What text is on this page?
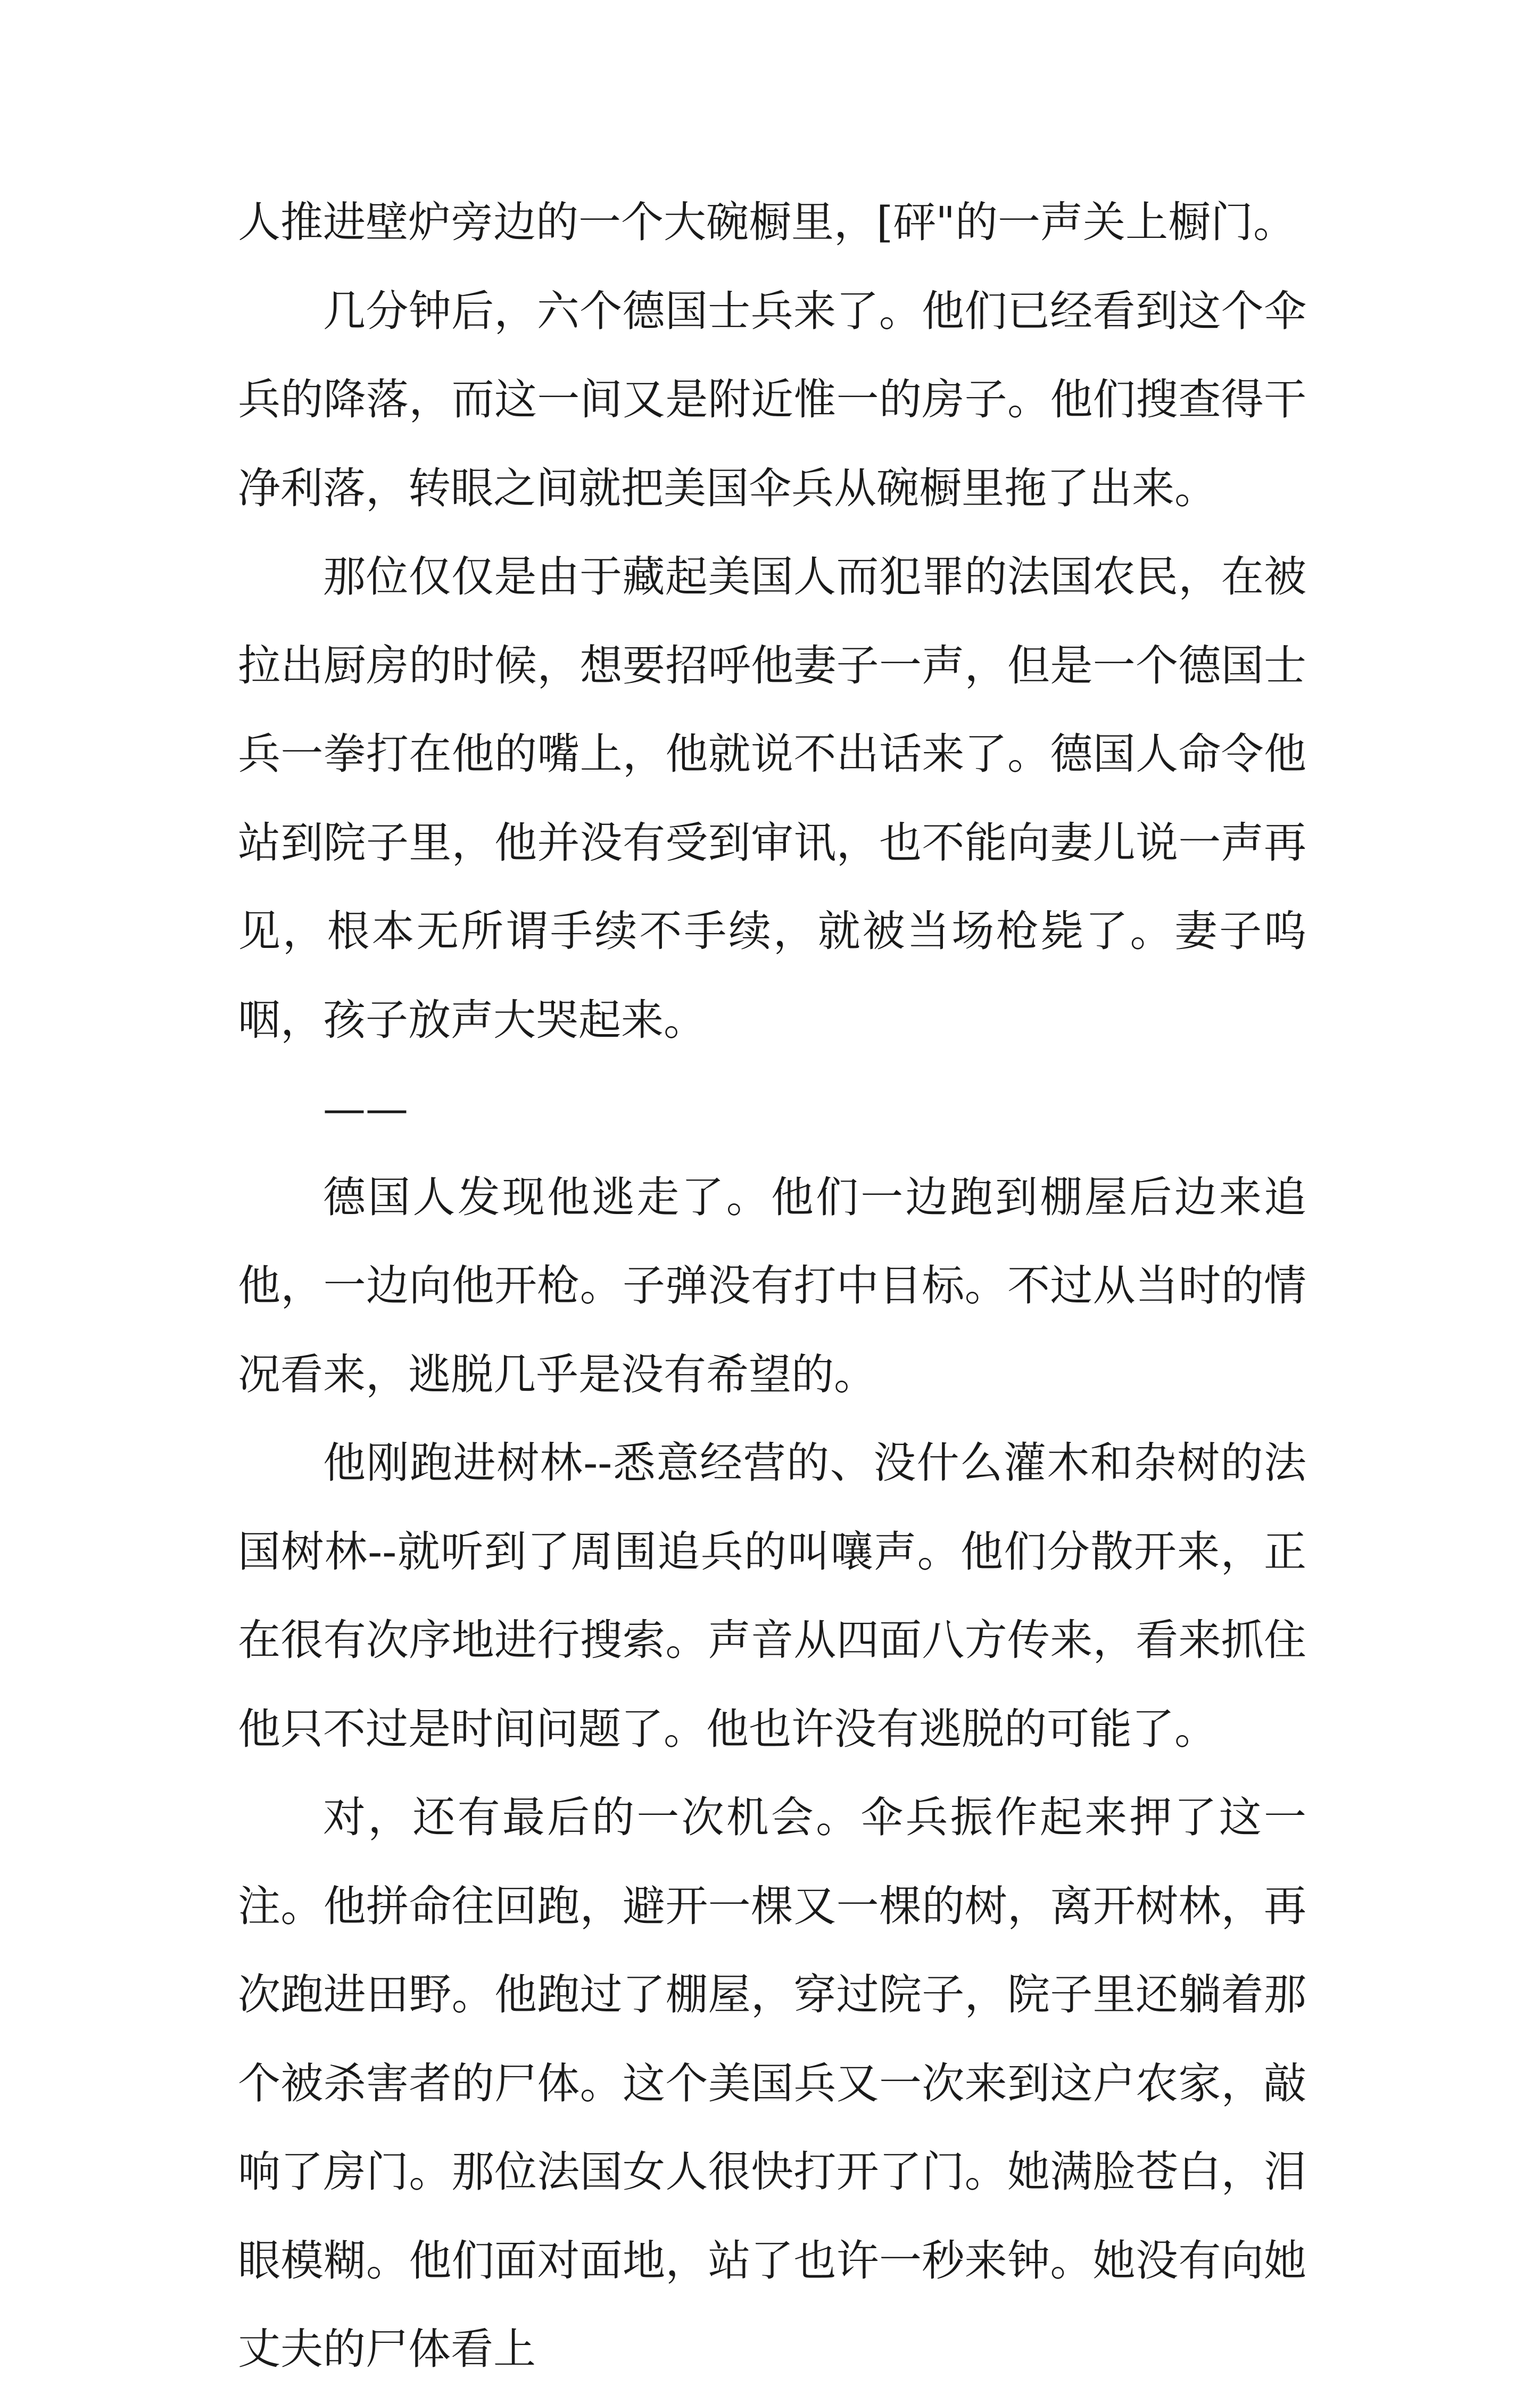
人推进壁炉旁边的一个大碗橱里，[砰"的一声关上橱门。

几分钟后，六个德国士兵来了。他们已经看到这个伞兵的降落，而这一间又是附近惟一的房子。他们搜查得干净利落，转眼之间就把美国伞兵从碗橱里拖了出来。

那位仅仅是由于藏起美国人而犯罪的法国农民，在被拉出厨房的时候，想要招呼他妻子一声，但是一个德国士兵一拳打在他的嘴上，他就说不出话来了。德国人命令他站到院子里，他并没有受到审讯，也不能向妻儿说一声再见，根本无所谓手续不手续，就被当场枪毙了。妻子呜咽，孩子放声大哭起来。

——

德国人发现他逃走了。他们一边跑到棚屋后边来追他，一边向他开枪。子弹没有打中目标。不过从当时的情况看来，逃脱几乎是没有希望的。

他刚跑进树林--悉意经营的、没什么灌木和杂树的法国树林--就听到了周围追兵的叫嚷声。他们分散开来，正在很有次序地进行搜索。声音从四面八方传来，看来抓住他只不过是时间问题了。他也许没有逃脱的可能了。

对，还有最后的一次机会。伞兵振作起来押了这一注。他拼命往回跑，避开一棵又一棵的树，离开树林，再次跑进田野。他跑过了棚屋，穿过院子，院子里还躺着那个被杀害者的尸体。这个美国兵又一次来到这户农家，敲响了房门。那位法国女人很快打开了门。她满脸苍白，泪眼模糊。他们面对面地，站了也许一秒来钟。她没有向她丈夫的尸体看上
